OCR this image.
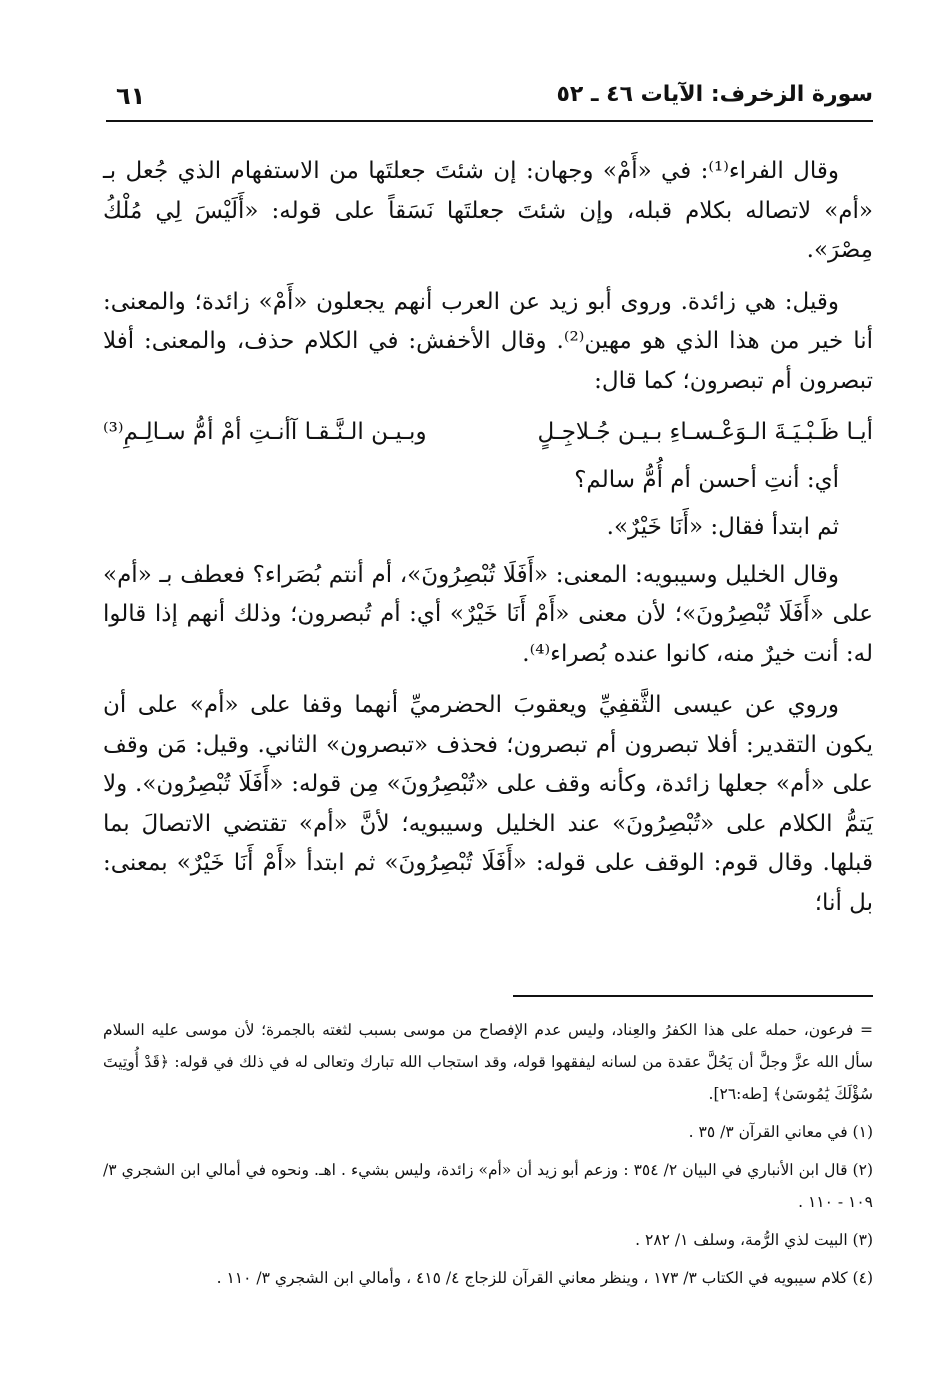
سورة الزخرف: الآيات ٤٦ ـ ٥٢
٦١

وقال الفراء⁽¹⁾: في «أَمْ» وجهان: إن شئتَ جعلتَها من الاستفهام الذي جُعل بـ «أم» لاتصاله بكلام قبله، وإن شئتَ جعلتَها نَسَقاً على قوله: «أَلَيْسَ لِي مُلْكُ مِصْرَ».

وقيل: هي زائدة. وروى أبو زيد عن العرب أنهم يجعلون «أَمْ» زائدة؛ والمعنى: أنا خير من هذا الذي هو مهين⁽²⁾. وقال الأخفش: في الكلام حذف، والمعنى: أفلا تبصرون أم تبصرون؛ كما قال:

أيـا ظَـبْـيَـةَ الـوَعْـسـاءِ بـيـن جُـلاجِـلٍ
وبـيـن الـنَّـقـا آأنـتِ أمْ أمُّ سـالِـمِ⁽³⁾
أي: أنتِ أحسن أم أُمُّ سالم؟
ثم ابتدأ فقال: «أَنَا خَيْرٌ».

وقال الخليل وسيبويه: المعنى: «أَفَلَا تُبْصِرُونَ»، أم أنتم بُصَراء؟ فعطف بـ «أم» على «أَفَلَا تُبْصِرُونَ»؛ لأن معنى «أَمْ أَنَا خَيْرٌ» أي: أم تُبصرون؛ وذلك أنهم إذا قالوا له: أنت خيرٌ منه، كانوا عنده بُصراء⁽⁴⁾.

وروي عن عيسى الثَّقفِيِّ ويعقوبَ الحضرميِّ أنهما وقفا على «أم» على أن يكون التقدير: أفلا تبصرون أم تبصرون؛ فحذف «تبصرون» الثاني. وقيل: مَن وقف على «أم» جعلها زائدة، وكأنه وقف على «تُبْصِرُونَ» مِن قوله: «أَفَلَا تُبْصِرُون». ولا يَتمُّ الكلام على «تُبْصِرُونَ» عند الخليل وسيبويه؛ لأنَّ «أم» تقتضي الاتصالَ بما قبلها. وقال قوم: الوقف على قوله: «أَفَلَا تُبْصِرُونَ» ثم ابتدأ «أَمْ أَنَا خَيْرٌ» بمعنى: بل أنا؛

= فرعون، حمله على هذا الكفرُ والعِناد، وليس عدم الإفصاح من موسى بسبب لثغته بالجمرة؛ لأن موسى عليه السلام سأل الله عزَّ وجلَّ أن يَحُلَّ عقدة من لسانه ليفقهوا قوله، وقد استجاب الله تبارك وتعالى له في ذلك في قوله: ﴿قَدْ أُوتِيتَ سُؤْلَكَ يَٰمُوسَىٰ﴾ [طه:٢٦].

(١) في معاني القرآن ٣/ ٣٥ .

(٢) قال ابن الأنباري في البيان ٢/ ٣٥٤ : وزعم أبو زيد أن «أم» زائدة، وليس بشيء . اهـ. ونحوه في أمالي ابن الشجري ٣/ ١٠٩ - ١١٠ .

(٣) البيت لذي الرُّمة، وسلف ١/ ٢٨٢ .

(٤) كلام سيبويه في الكتاب ٣/ ١٧٣ ، وينظر معاني القرآن للزجاج ٤/ ٤١٥ ، وأمالي ابن الشجري ٣/ ١١٠ .
